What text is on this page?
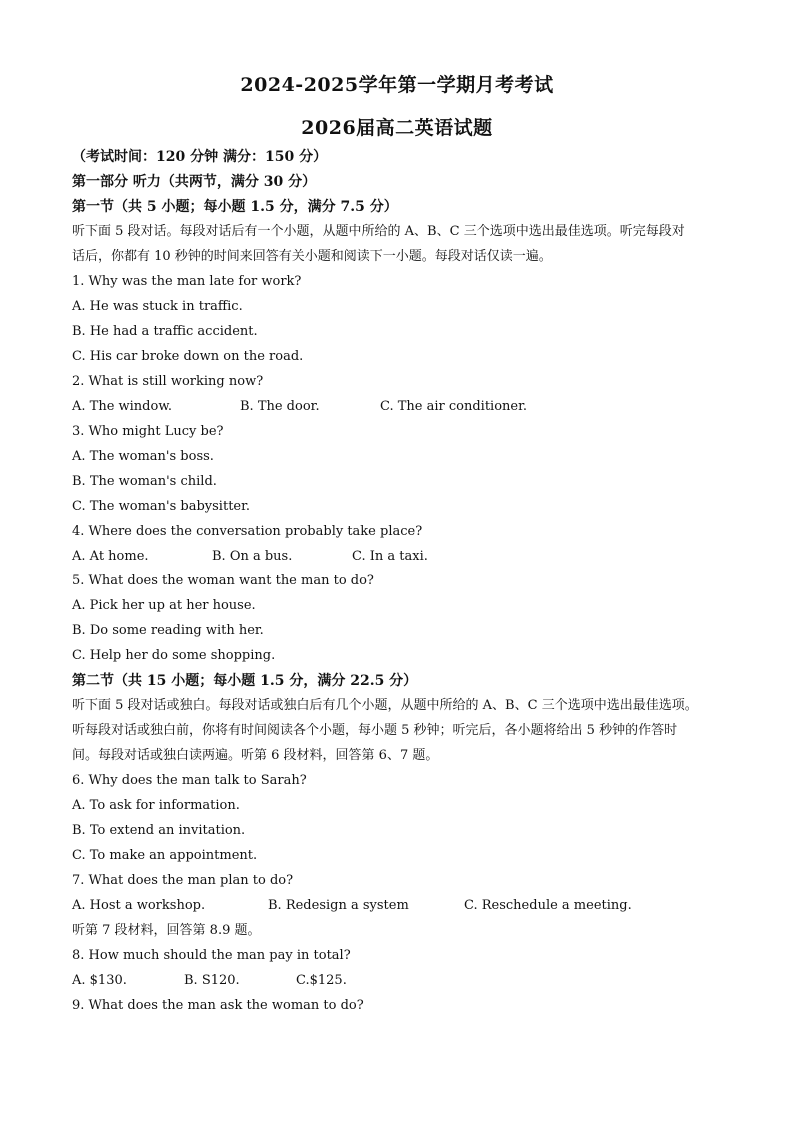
2024-2025学年第一学期月考考试
2026届高二英语试题
（考试时间：120 分钟 满分：150 分）
第一部分 听力（共两节，满分 30 分）
第一节（共 5 小题；每小题 1.5 分，满分 7.5 分）
听下面 5 段对话。每段对话后有一个小题，从题中所给的 A、B、C 三个选项中选出最佳选项。听完每段对
话后，你都有 10 秒钟的时间来回答有关小题和阅读下一小题。每段对话仅读一遍。
1. Why was the man late for work?
A. He was stuck in traffic.
B. He had a traffic accident.
C. His car broke down on the road.
2. What is still working now?
A. The window.	B. The door.	C. The air conditioner.
3. Who might Lucy be?
A. The woman's boss.
B. The woman's child.
C. The woman's babysitter.
4. Where does the conversation probably take place?
A. At home.	B. On a bus.	C. In a taxi.
5. What does the woman want the man to do?
A. Pick her up at her house.
B. Do some reading with her.
C. Help her do some shopping.
第二节（共 15 小题；每小题 1.5 分，满分 22.5 分）
听下面 5 段对话或独白。每段对话或独白后有几个小题，从题中所给的 A、B、C 三个选项中选出最佳选项。
听每段对话或独白前，你将有时间阅读各个小题，每小题 5 秒钟；听完后，各小题将给出 5 秒钟的作答时
间。每段对话或独白读两遍。听第 6 段材料，回答第 6、7 题。
6. Why does the man talk to Sarah?
A. To ask for information.
B. To extend an invitation.
C. To make an appointment.
7. What does the man plan to do?
A. Host a workshop.	B. Redesign a system	C. Reschedule a meeting.
听第 7 段材料，回答第 8.9 题。
8. How much should the man pay in total?
A. $130.	B. S120.	C.$125.
9. What does the man ask the woman to do?
